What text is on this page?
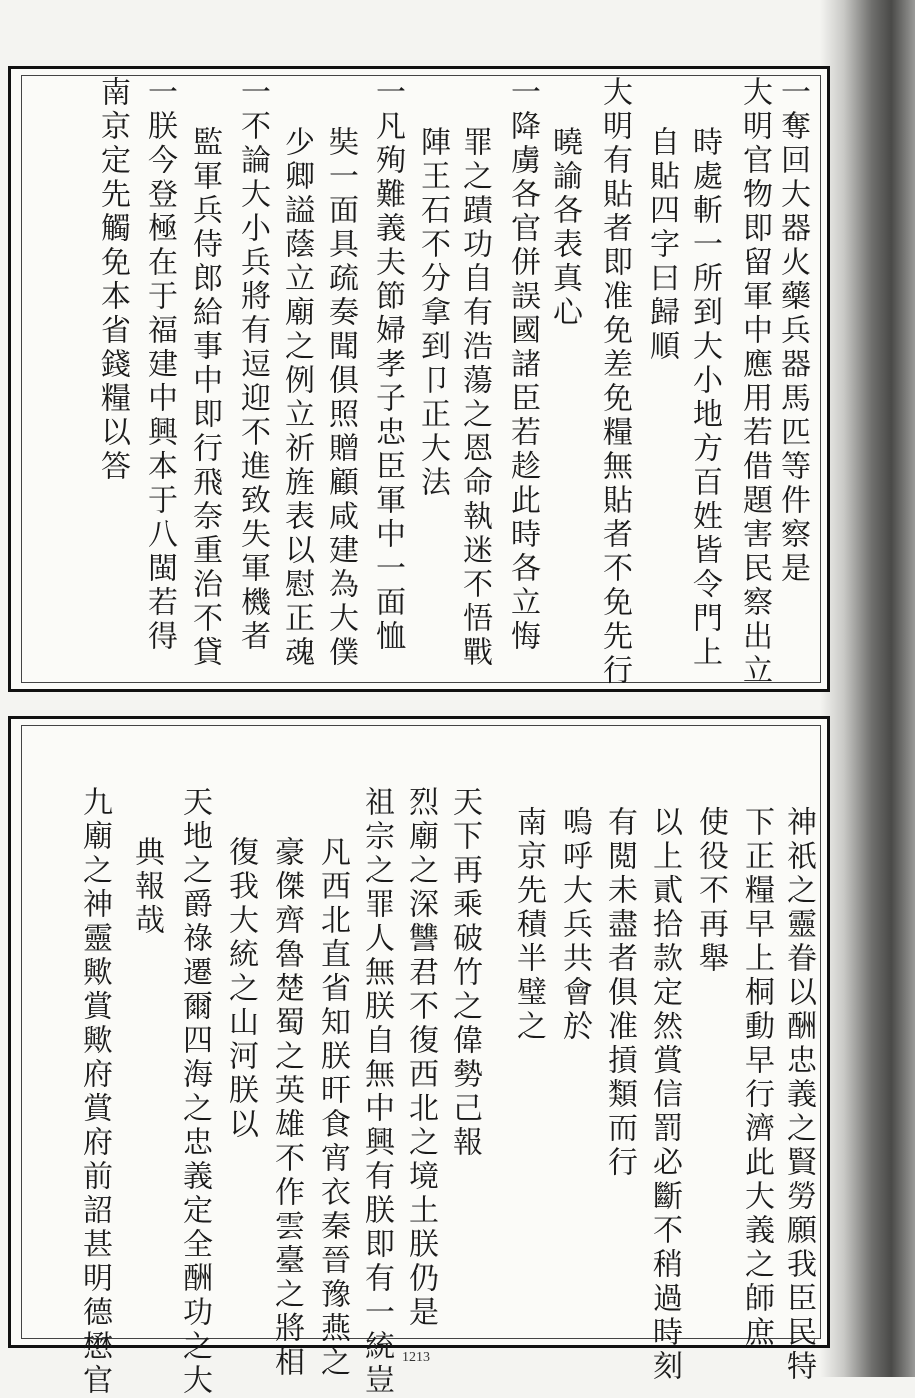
一奪回大器火藥兵器馬匹等件察是
大明官物即留軍中應用若借題害民察出立
時處斬一所到大小地方百姓皆令門上
自貼四字曰歸順
大明有貼者即准免差免糧無貼者不免先行
曉諭各表真心
一降虜各官併誤國諸臣若趁此時各立悔
罪之蹟功自有浩蕩之恩命執迷不悟戰
陣王石不分拿到卩正大法
一凡殉難義夫節婦孝子忠臣軍中一面恤
奘一面具疏奏聞俱照贈顧咸建為大僕
少卿謚蔭立廟之例立祈旌表以慰正魂
一不論大小兵將有逗迎不進致失軍機者
監軍兵侍郎給事中即行飛奈重治不貸
一朕今登極在于福建中興本于八閩若得
南京定先觸免本省錢糧以答
神祇之靈眷以酬忠義之賢勞願我臣民特
下正糧早上桐動早行濟此大義之師庶
使役不再舉
以上貳拾款定然賞信罰必斷不稍過時刻
有閲未盡者俱准摃類而行
嗚呼大兵共會於
南京先積半璧之
天下再乘破竹之偉勢己報
烈廟之深讐君不復西北之境土朕仍是
祖宗之罪人無朕自無中興有朕即有一統豈
凡西北直省知朕旰食宵衣秦晉豫燕之
豪傑齊魯楚蜀之英雄不作雲臺之將相
復我大統之山河朕以
天地之爵祿遷爾四海之忠義定全酬功之大
典報哉
九廟之神靈歟賞歟府賞府前詔甚明德懋官	1213
